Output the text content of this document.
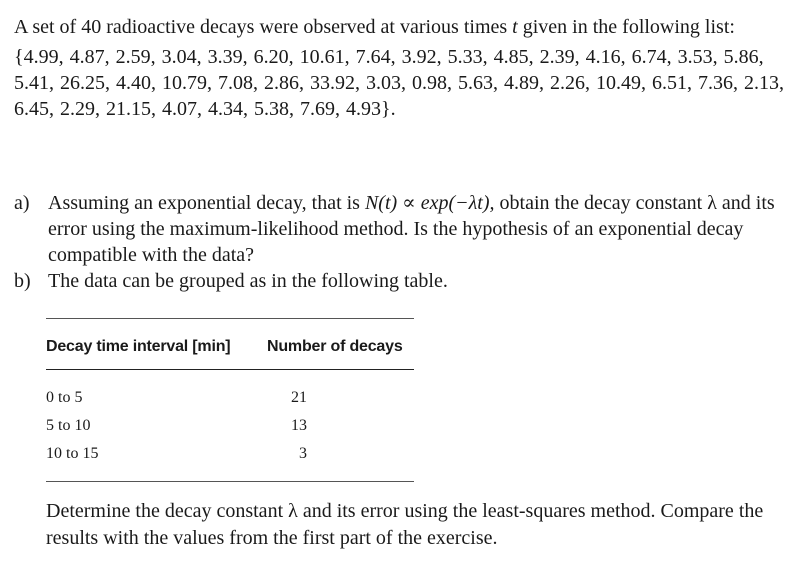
A set of 40 radioactive decays were observed at various times t given in the following list:

{4.99, 4.87, 2.59, 3.04, 3.39, 6.20, 10.61, 7.64, 3.92, 5.33, 4.85, 2.39, 4.16, 6.74, 3.53, 5.86, 5.41, 26.25, 4.40, 10.79, 7.08, 2.86, 33.92, 3.03, 0.98, 5.63, 4.89, 2.26, 10.49, 6.51, 7.36, 2.13, 6.45, 2.29, 21.15, 4.07, 4.34, 5.38, 7.69, 4.93}.

a) Assuming an exponential decay, that is N(t) ∝ exp(−λt), obtain the decay constant λ and its error using the maximum-likelihood method. Is the hypothesis of an exponential decay compatible with the data?

b) The data can be grouped as in the following table.
Decay time interval [min]	Number of decays
0 to 5	21
5 to 10	13
10 to 15	3

Determine the decay constant λ and its error using the least-squares method. Compare the results with the values from the first part of the exercise.
